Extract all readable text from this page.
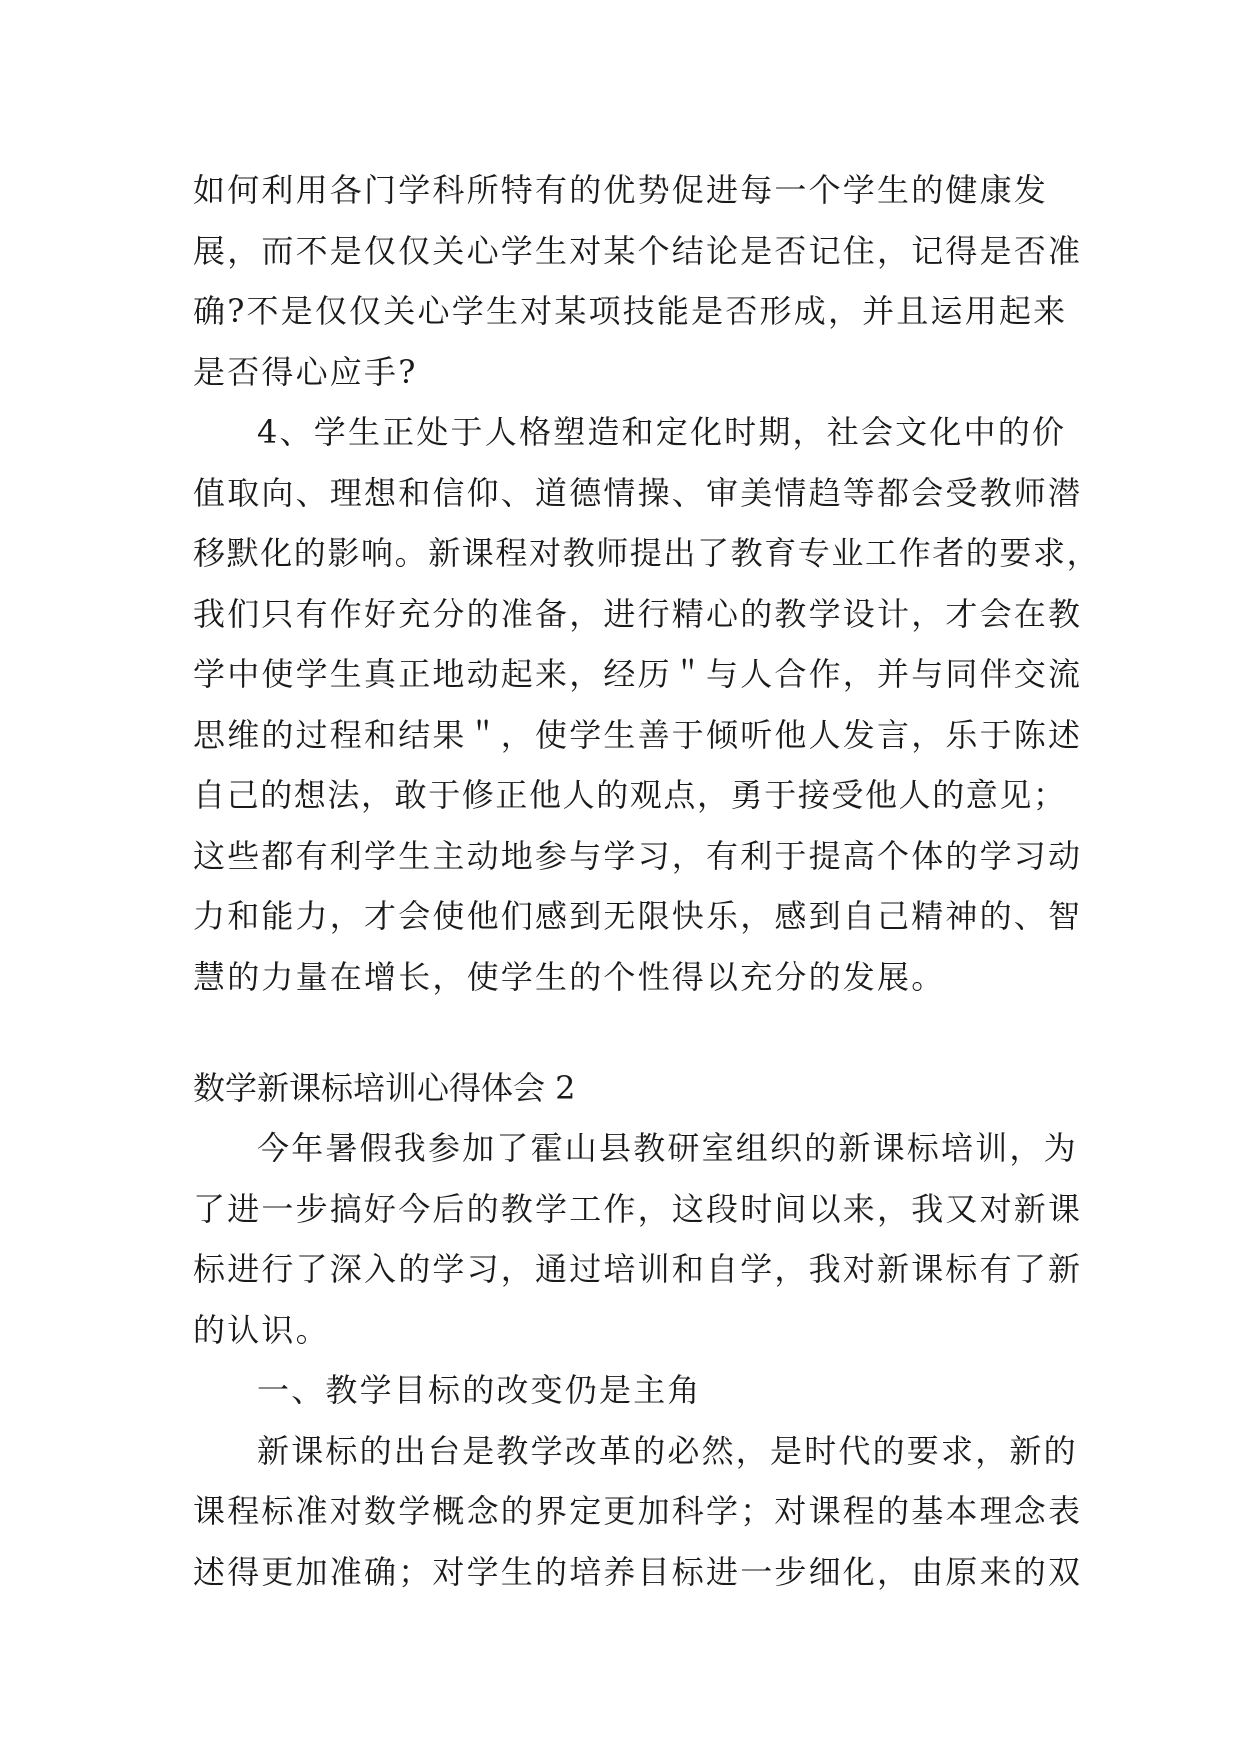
如何利用各门学科所特有的优势促进每一个学生的健康发
展，而不是仅仅关心学生对某个结论是否记住，记得是否准
确?不是仅仅关心学生对某项技能是否形成，并且运用起来
是否得心应手?
4、学生正处于人格塑造和定化时期，社会文化中的价
值取向、理想和信仰、道德情操、审美情趋等都会受教师潜
移默化的影响。新课程对教师提出了教育专业工作者的要求，
我们只有作好充分的准备，进行精心的教学设计，才会在教
学中使学生真正地动起来，经历＂与人合作，并与同伴交流
思维的过程和结果＂，使学生善于倾听他人发言，乐于陈述
自己的想法，敢于修正他人的观点，勇于接受他人的意见；
这些都有利学生主动地参与学习，有利于提高个体的学习动
力和能力，才会使他们感到无限快乐，感到自己精神的、智
慧的力量在增长，使学生的个性得以充分的发展。
数学新课标培训心得体会 2
今年暑假我参加了霍山县教研室组织的新课标培训，为
了进一步搞好今后的教学工作，这段时间以来，我又对新课
标进行了深入的学习，通过培训和自学，我对新课标有了新
的认识。
一、教学目标的改变仍是主角
新课标的出台是教学改革的必然，是时代的要求，新的
课程标准对数学概念的界定更加科学；对课程的基本理念表
述得更加准确；对学生的培养目标进一步细化，由原来的双
